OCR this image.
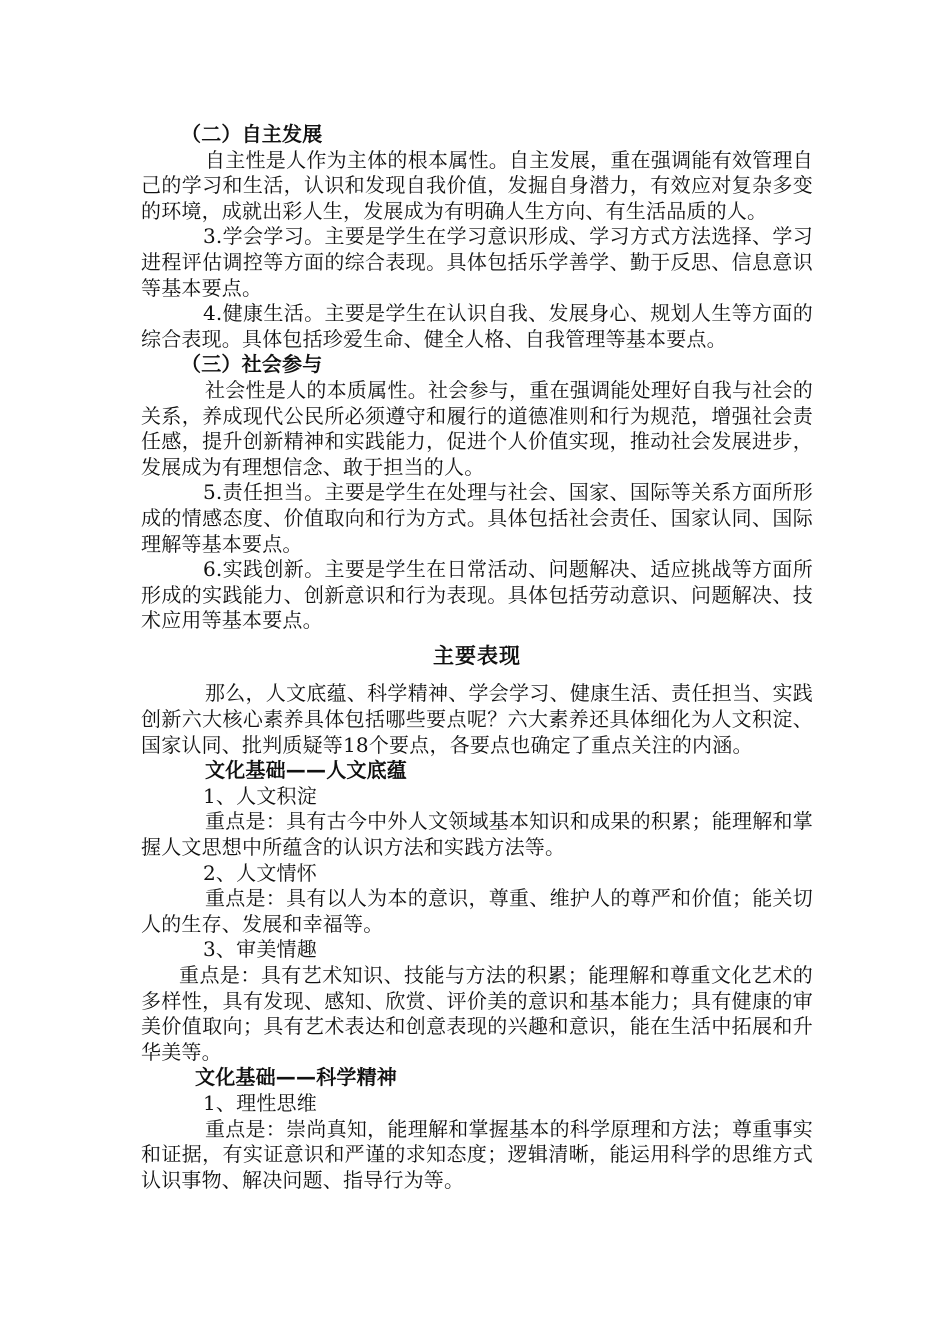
（二）自主发展

自主性是人作为主体的根本属性。自主发展，重在强调能有效管理自己的学习和生活，认识和发现自我价值，发掘自身潜力，有效应对复杂多变的环境，成就出彩人生，发展成为有明确人生方向、有生活品质的人。

3.学会学习。主要是学生在学习意识形成、学习方式方法选择、学习进程评估调控等方面的综合表现。具体包括乐学善学、勤于反思、信息意识等基本要点。

4.健康生活。主要是学生在认识自我、发展身心、规划人生等方面的综合表现。具体包括珍爱生命、健全人格、自我管理等基本要点。

（三）社会参与

社会性是人的本质属性。社会参与，重在强调能处理好自我与社会的关系，养成现代公民所必须遵守和履行的道德准则和行为规范，增强社会责任感，提升创新精神和实践能力，促进个人价值实现，推动社会发展进步，发展成为有理想信念、敢于担当的人。

5.责任担当。主要是学生在处理与社会、国家、国际等关系方面所形成的情感态度、价值取向和行为方式。具体包括社会责任、国家认同、国际理解等基本要点。

6.实践创新。主要是学生在日常活动、问题解决、适应挑战等方面所形成的实践能力、创新意识和行为表现。具体包括劳动意识、问题解决、技术应用等基本要点。

主要表现

那么，人文底蕴、科学精神、学会学习、健康生活、责任担当、实践创新六大核心素养具体包括哪些要点呢？六大素养还具体细化为人文积淀、国家认同、批判质疑等18个要点，各要点也确定了重点关注的内涵。

文化基础——人文底蕴

1、人文积淀

重点是：具有古今中外人文领域基本知识和成果的积累；能理解和掌握人文思想中所蕴含的认识方法和实践方法等。

2、人文情怀

重点是：具有以人为本的意识，尊重、维护人的尊严和价值；能关切人的生存、发展和幸福等。

3、审美情趣

重点是：具有艺术知识、技能与方法的积累；能理解和尊重文化艺术的多样性，具有发现、感知、欣赏、评价美的意识和基本能力；具有健康的审美价值取向；具有艺术表达和创意表现的兴趣和意识，能在生活中拓展和升华美等。

文化基础——科学精神

1、理性思维

重点是：崇尚真知，能理解和掌握基本的科学原理和方法；尊重事实和证据，有实证意识和严谨的求知态度；逻辑清晰，能运用科学的思维方式认识事物、解决问题、指导行为等。
